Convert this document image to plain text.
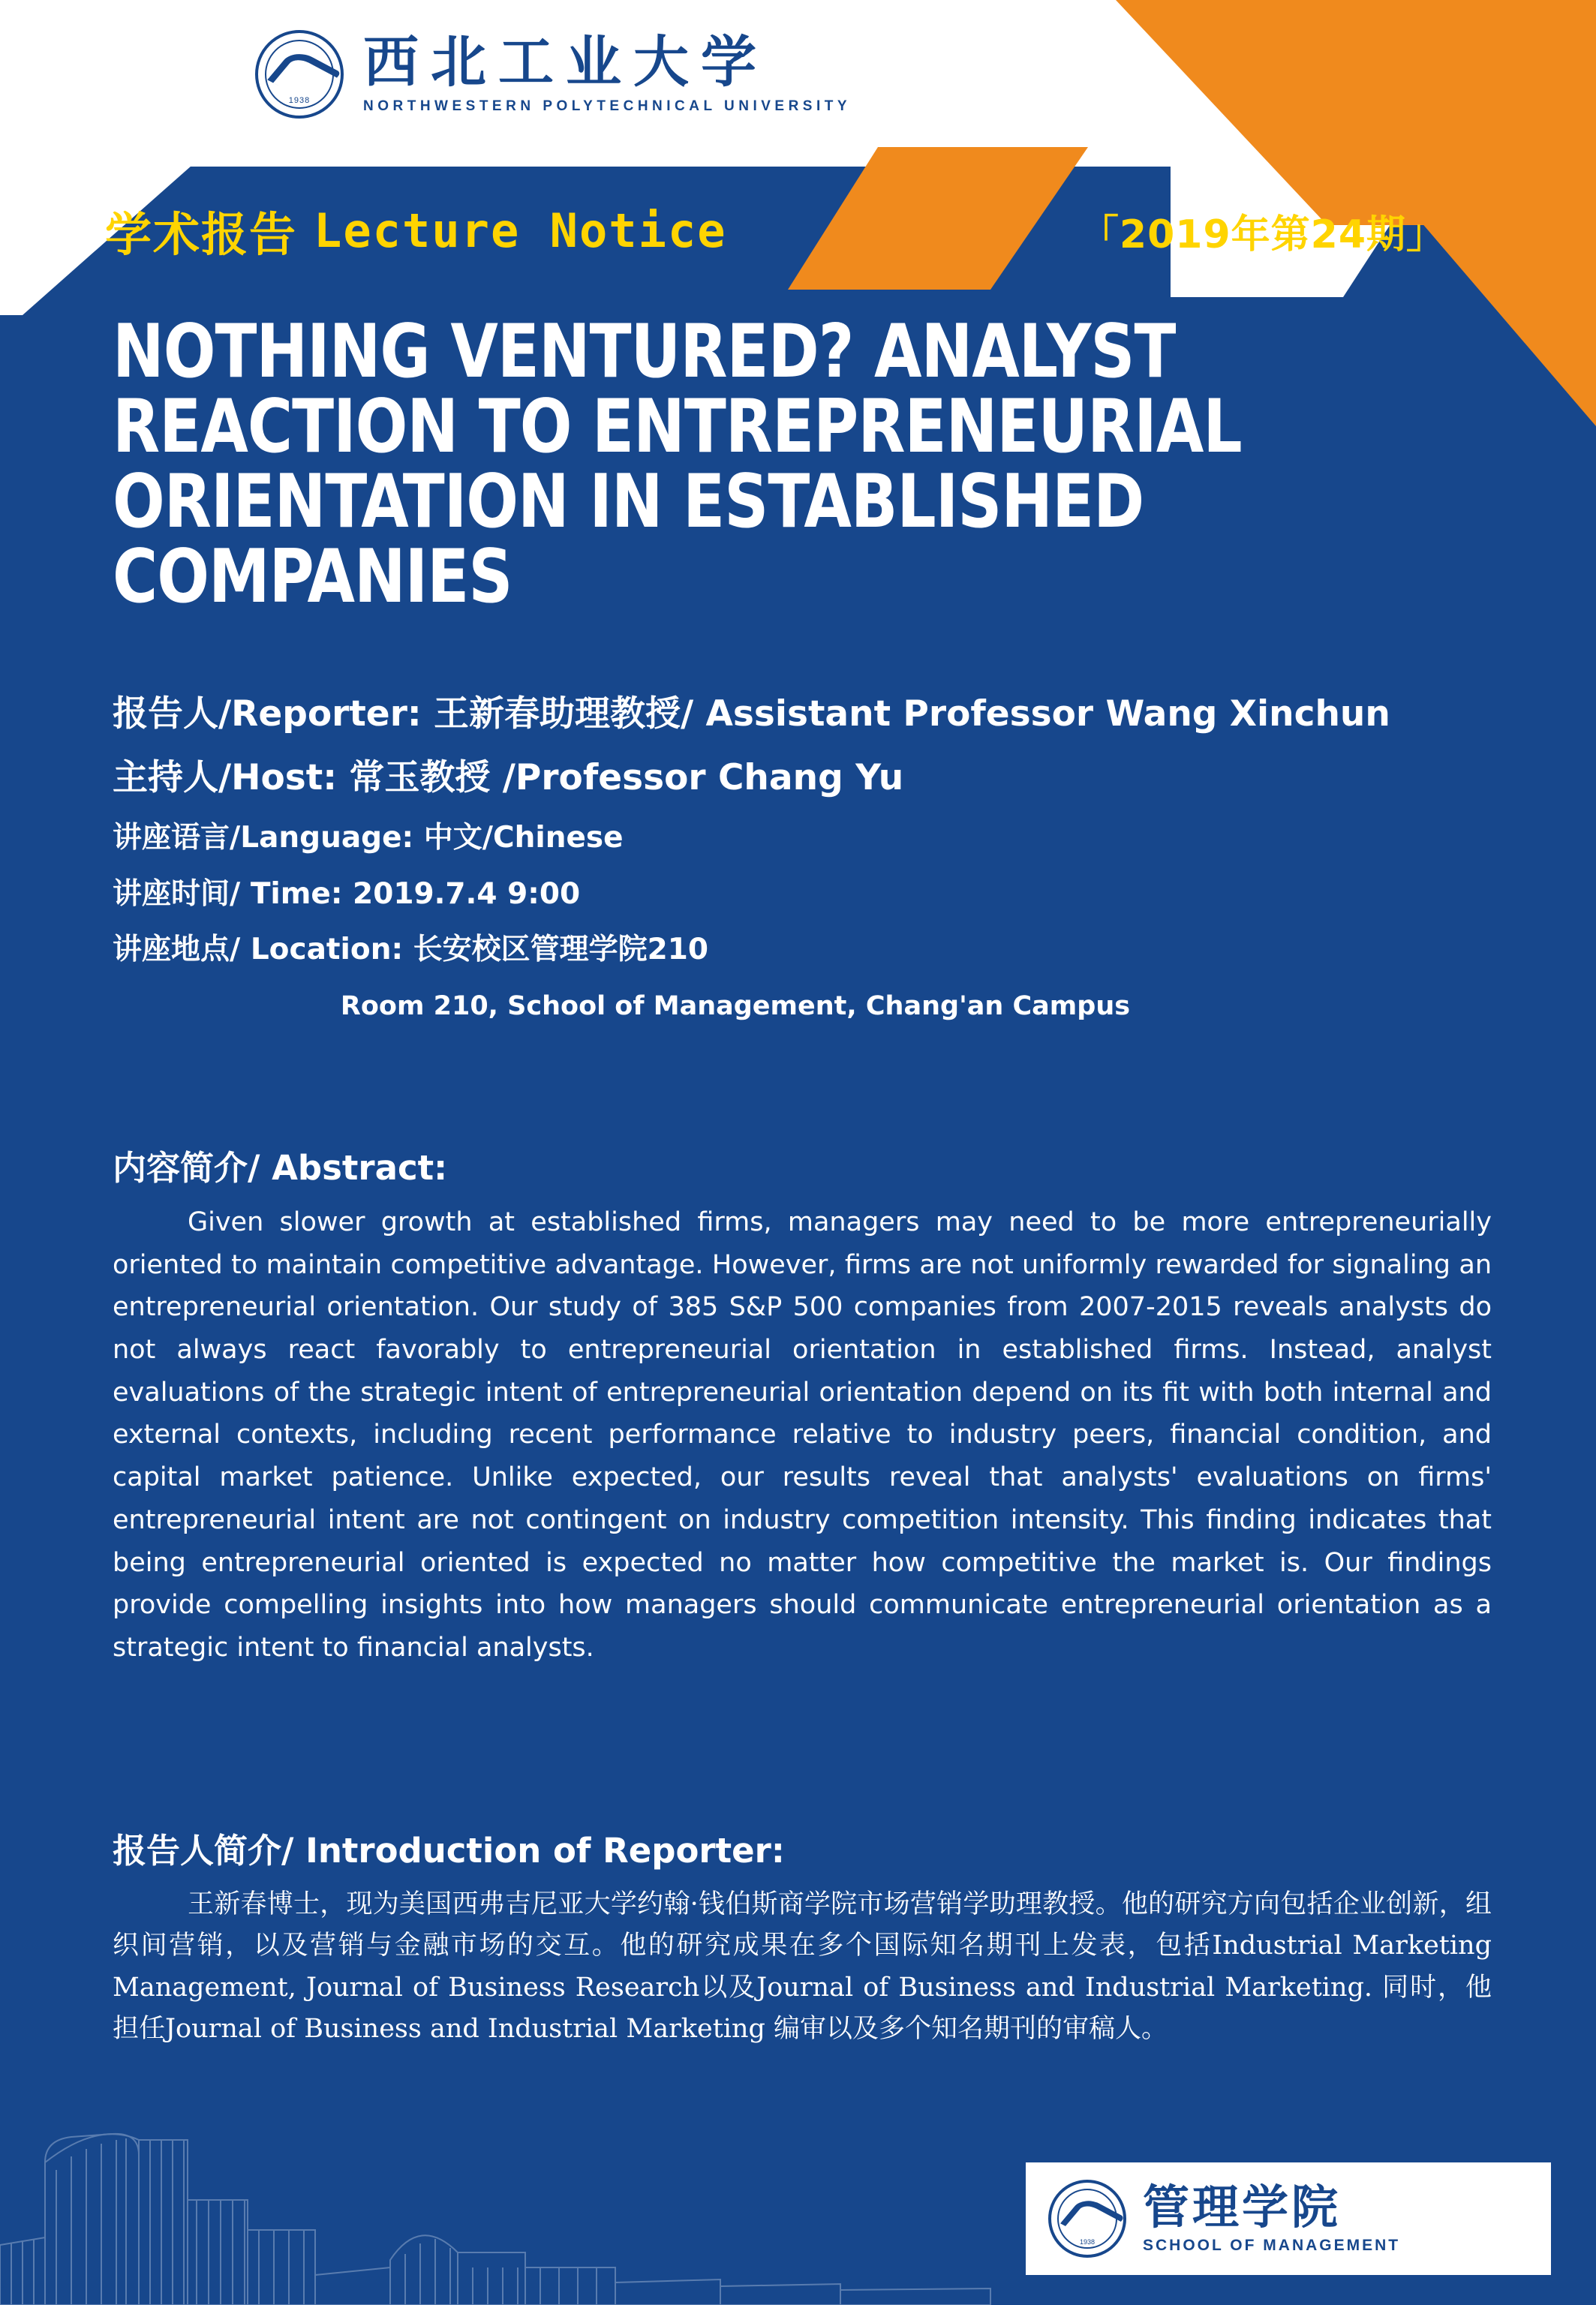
1938
西北工业大学
NORTHWESTERN POLYTECHNICAL UNIVERSITY
学术报告 Lecture Notice	「2019年第24期」
NOTHING VENTURED? ANALYST REACTION TO ENTREPRENEURIAL ORIENTATION IN ESTABLISHED COMPANIES
报告人/Reporter: 王新春助理教授/ Assistant Professor Wang Xinchun
主持人/Host: 常玉教授 /Professor Chang Yu
讲座语言/Language: 中文/Chinese
讲座时间/ Time: 2019.7.4 9:00
讲座地点/ Location: 长安校区管理学院210
Room 210, School of Management, Chang'an Campus
内容简介/ Abstract:
Given slower growth at established firms, managers may need to be more entrepreneurially oriented to maintain competitive advantage. However, firms are not uniformly rewarded for signaling an entrepreneurial orientation. Our study of 385 S&P 500 companies from 2007-2015 reveals analysts do not always react favorably to entrepreneurial orientation in established firms. Instead, analyst evaluations of the strategic intent of entrepreneurial orientation depend on its fit with both internal and external contexts, including recent performance relative to industry peers, financial condition, and capital market patience. Unlike expected, our results reveal that analysts' evaluations on firms' entrepreneurial intent are not contingent on industry competition intensity. This finding indicates that being entrepreneurial oriented is expected no matter how competitive the market is. Our findings provide compelling insights into how managers should communicate entrepreneurial orientation as a strategic intent to financial analysts.
报告人简介/ Introduction of Reporter:
王新春博士，现为美国西弗吉尼亚大学约翰·钱伯斯商学院市场营销学助理教授。他的研究方向包括企业创新，组织间营销，以及营销与金融市场的交互。他的研究成果在多个国际知名期刊上发表，包括Industrial Marketing Management, Journal of Business Research以及Journal of Business and Industrial Marketing. 同时，他担任Journal of Business and Industrial Marketing 编审以及多个知名期刊的审稿人。
1938
管理学院
SCHOOL OF MANAGEMENT
